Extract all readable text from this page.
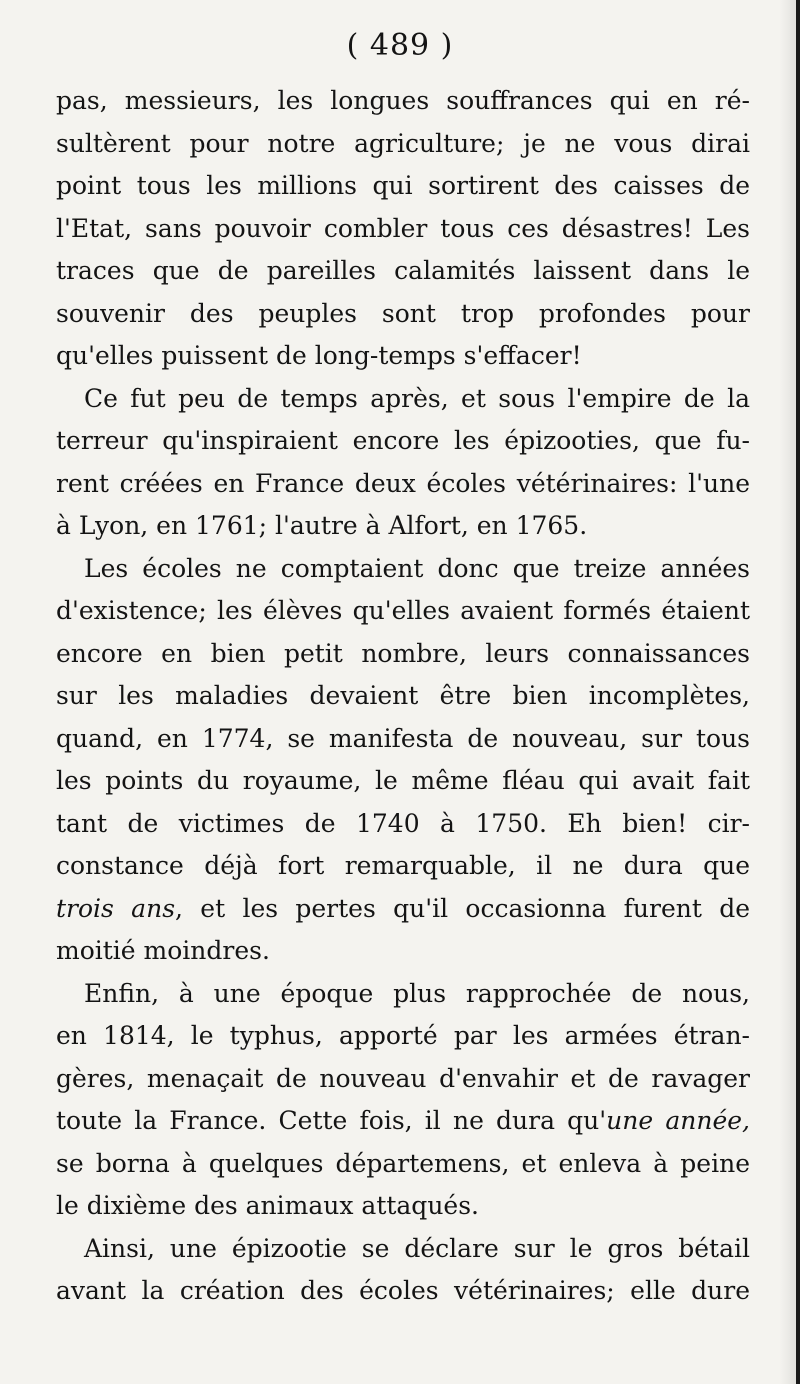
( 489 )
pas, messieurs, les longues souffrances qui en ré-
sultèrent pour notre agriculture; je ne vous dirai
point tous les millions qui sortirent des caisses de
l'Etat, sans pouvoir combler tous ces désastres! Les
traces que de pareilles calamités laissent dans le
souvenir des peuples sont trop profondes pour
qu'elles puissent de long-temps s'effacer!
Ce fut peu de temps après, et sous l'empire de la
terreur qu'inspiraient encore les épizooties, que fu-
rent créées en France deux écoles vétérinaires: l'une
à Lyon, en 1761; l'autre à Alfort, en 1765.
Les écoles ne comptaient donc que treize années
d'existence; les élèves qu'elles avaient formés étaient
encore en bien petit nombre, leurs connaissances
sur les maladies devaient être bien incomplètes,
quand, en 1774, se manifesta de nouveau, sur tous
les points du royaume, le même fléau qui avait fait
tant de victimes de 1740 à 1750. Eh bien! cir-
constance déjà fort remarquable, il ne dura que
trois ans, et les pertes qu'il occasionna furent de
moitié moindres.
Enfin, à une époque plus rapprochée de nous,
en 1814, le typhus, apporté par les armées étran-
gères, menaçait de nouveau d'envahir et de ravager
toute la France. Cette fois, il ne dura qu'une année,
se borna à quelques départemens, et enleva à peine
le dixième des animaux attaqués.
Ainsi, une épizootie se déclare sur le gros bétail
avant la création des écoles vétérinaires; elle dure
